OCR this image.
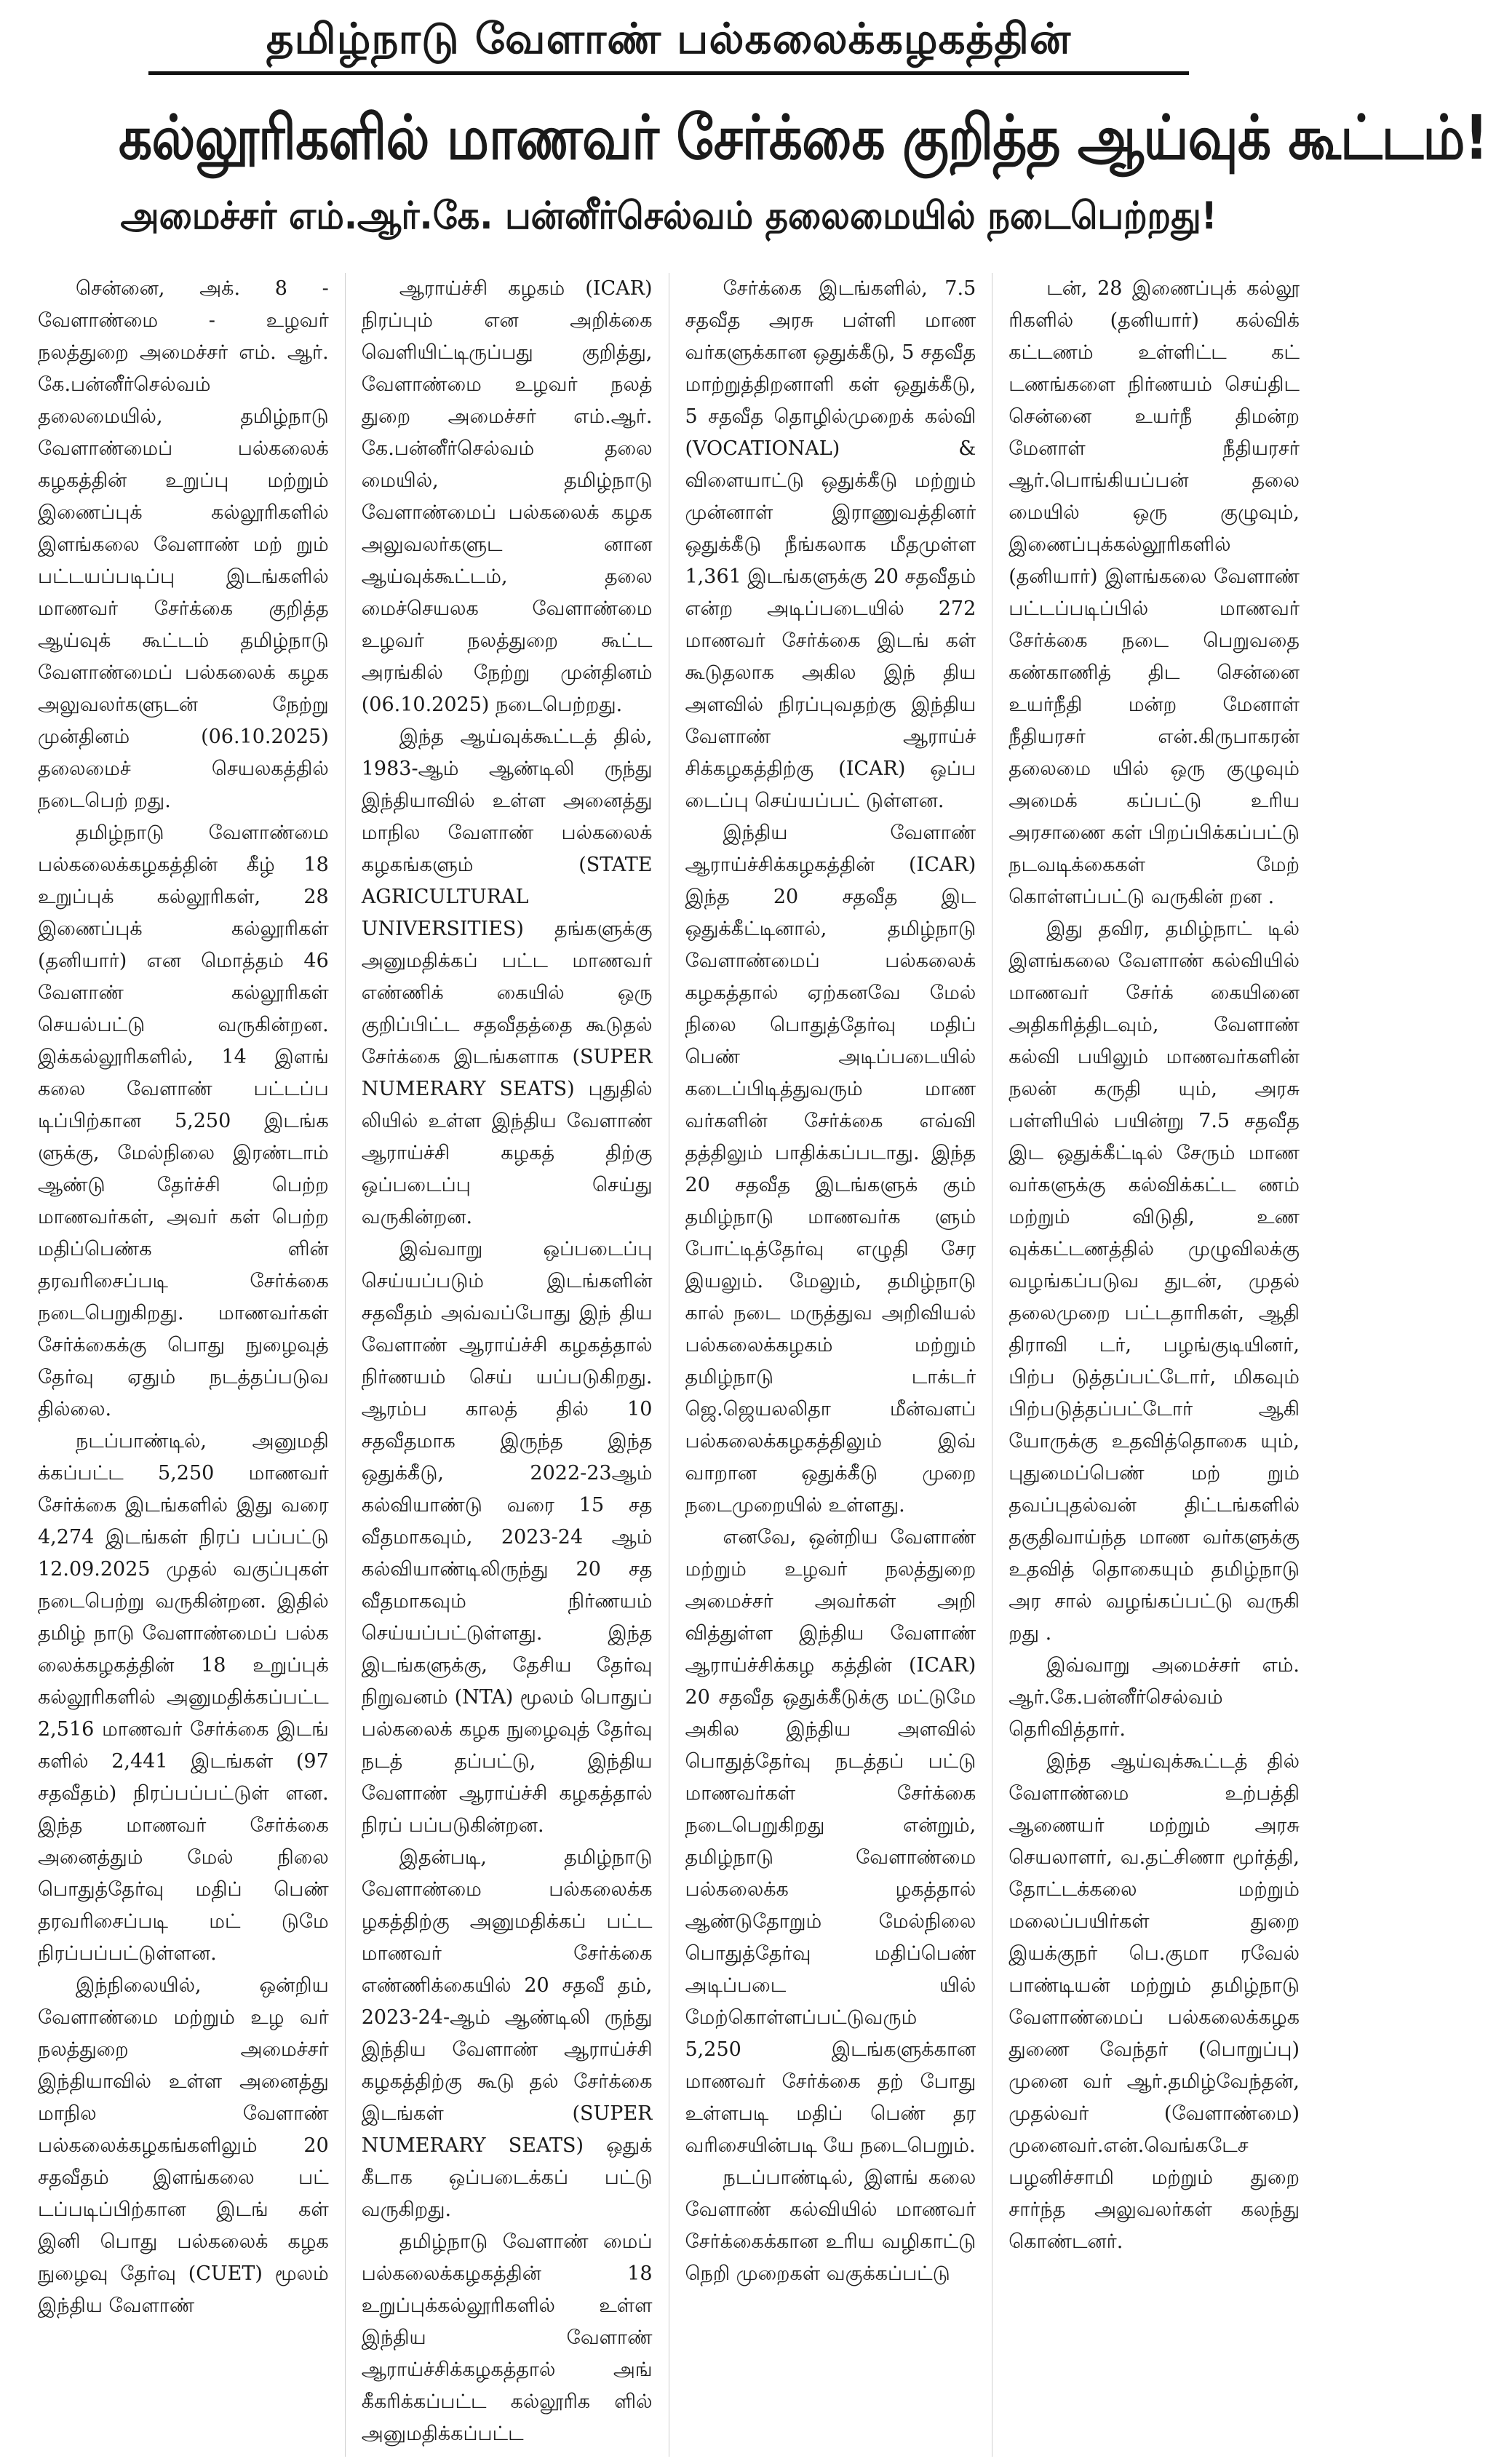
தமிழ்நாடு வேளாண் பல்கலைக்கழகத்தின்
கல்லூரிகளில் மாணவர் சேர்க்கை குறித்த ஆய்வுக் கூட்டம்!
அமைச்சர் எம்.ஆர்.கே. பன்னீர்செல்வம் தலைமையில் நடைபெற்றது!

சென்னை, அக். 8 - வேளாண்மை - உழவர் நலத்துறை அமைச்சர் எம். ஆர். கே.பன்னீர்செல்வம் தலைமையில், தமிழ்நாடு வேளாண்மைப் பல்கலைக் கழகத்தின் உறுப்பு மற்றும் இணைப்புக் கல்லூரிகளில் இளங்கலை வேளாண் மற் றும் பட்டயப்படிப்பு இடங்களில் மாணவர் சேர்க்கை குறித்த ஆய்வுக் கூட்டம் தமிழ்நாடு வேளாண்மைப் பல்கலைக் கழக அலுவலர்களுடன் நேற்று முன்தினம் (06.10.2025) தலைமைச் செயலகத்தில் நடைபெற் றது.

தமிழ்நாடு வேளாண்மை பல்கலைக்கழகத்தின் கீழ் 18 உறுப்புக் கல்லூரிகள், 28 இணைப்புக் கல்லூரிகள் (தனியார்) என மொத்தம் 46 வேளாண் கல்லூரிகள் செயல்பட்டு வருகின்றன. இக்கல்லூரிகளில், 14 இளங் கலை வேளாண் பட்டப்ப டிப்பிற்கான 5,250 இடங்க ளுக்கு, மேல்நிலை இரண்டாம் ஆண்டு தேர்ச்சி பெற்ற மாணவர்கள், அவர் கள் பெற்ற மதிப்பெண்க ளின் தரவரிசைப்படி சேர்க்கை நடைபெறுகிறது. மாணவர்கள் சேர்க்கைக்கு பொது நுழைவுத் தேர்வு ஏதும் நடத்தப்படுவ தில்லை.

நடப்பாண்டில், அனுமதி க்கப்பட்ட 5,250 மாணவர் சேர்க்கை இடங்களில் இது வரை 4,274 இடங்கள் நிரப் பப்பட்டு 12.09.2025 முதல் வகுப்புகள் நடைபெற்று வருகின்றன. இதில் தமிழ் நாடு வேளாண்மைப் பல்க லைக்கழகத்தின் 18 உறுப்புக் கல்லூரிகளில் அனுமதிக்கப்பட்ட 2,516 மாணவர் சேர்க்கை இடங் களில் 2,441 இடங்கள் (97 சதவீதம்) நிரப்பப்பட்டுள் ளன. இந்த மாணவர் சேர்க்கை அனைத்தும் மேல் நிலை பொதுத்தேர்வு மதிப் பெண் தரவரிசைப்படி மட் டுமே நிரப்பப்பட்டுள்ளன.

இந்நிலையில், ஒன்றிய வேளாண்மை மற்றும் உழ வர் நலத்துறை அமைச்சர் இந்தியாவில் உள்ள அனைத்து மாநில வேளாண் பல்கலைக்கழகங்களிலும் 20 சதவீதம் இளங்கலை பட் டப்படிப்பிற்கான இடங் கள் இனி பொது பல்கலைக் கழக நுழைவு தேர்வு (CUET) மூலம் இந்திய வேளாண்

ஆராய்ச்சி கழகம் (ICAR) நிரப்பும் என அறிக்கை வெளியிட்டிருப்பது குறித்து, வேளாண்மை உழவர் நலத் துறை அமைச்சர் எம்.ஆர். கே.பன்னீர்செல்வம் தலை மையில், தமிழ்நாடு வேளாண்மைப் பல்கலைக் கழக அலுவலர்களுட னான ஆய்வுக்கூட்டம், தலை மைச்செயலக வேளாண்மை உழவர் நலத்துறை கூட்ட அரங்கில் நேற்று முன்தினம் (06.10.2025) நடைபெற்றது.

இந்த ஆய்வுக்கூட்டத் தில், 1983-ஆம் ஆண்டிலி ருந்து இந்தியாவில் உள்ள அனைத்து மாநில வேளாண் பல்கலைக் கழகங்களும் (STATE AGRICULTURAL UNIVERSITIES) தங்களுக்கு அனுமதிக்கப் பட்ட மாணவர் எண்ணிக் கையில் ஒரு குறிப்பிட்ட சதவீதத்தை கூடுதல் சேர்க்கை இடங்களாக (SUPER NUMERARY SEATS) புதுதில் லியில் உள்ள இந்திய வேளாண் ஆராய்ச்சி கழகத் திற்கு ஒப்படைப்பு செய்து வருகின்றன.

இவ்வாறு ஒப்படைப்பு செய்யப்படும் இடங்களின் சதவீதம் அவ்வப்போது இந் திய வேளாண் ஆராய்ச்சி கழகத்தால் நிர்ணயம் செய் யப்படுகிறது. ஆரம்ப காலத் தில் 10 சதவீதமாக இருந்த இந்த ஒதுக்கீடு, 2022-23ஆம் கல்வியாண்டு வரை 15 சத வீதமாகவும், 2023-24 ஆம் கல்வியாண்டிலிருந்து 20 சத வீதமாகவும் நிர்ணயம் செய்யப்பட்டுள்ளது. இந்த இடங்களுக்கு, தேசிய தேர்வு நிறுவனம் (NTA) மூலம் பொதுப் பல்கலைக் கழக நுழைவுத் தேர்வு நடத் தப்பட்டு, இந்திய வேளாண் ஆராய்ச்சி கழகத்தால் நிரப் பப்படுகின்றன.

இதன்படி, தமிழ்நாடு வேளாண்மை பல்கலைக்க ழகத்திற்கு அனுமதிக்கப் பட்ட மாணவர் சேர்க்கை எண்ணிக்கையில் 20 சதவீ தம், 2023-24-ஆம் ஆண்டிலி ருந்து இந்திய வேளாண் ஆராய்ச்சி கழகத்திற்கு கூடு தல் சேர்க்கை இடங்கள் (SUPER NUMERARY SEATS) ஒதுக் கீடாக ஒப்படைக்கப் பட்டு வருகிறது.

தமிழ்நாடு வேளாண் மைப் பல்கலைக்கழகத்தின் 18 உறுப்புக்கல்லூரிகளில் உள்ள இந்திய வேளாண் ஆராய்ச்சிக்கழகத்தால் அங் கீகரிக்கப்பட்ட கல்லூரிக ளில் அனுமதிக்கப்பட்ட

சேர்க்கை இடங்களில், 7.5 சதவீத அரசு பள்ளி மாண வர்களுக்கான ஒதுக்கீடு, 5 சதவீத மாற்றுத்திறனாளி கள் ஒதுக்கீடு, 5 சதவீத தொழில்முறைக் கல்வி (VOCATIONAL) & விளையாட்டு ஒதுக்கீடு மற்றும் முன்னாள் இராணுவத்தினர் ஒதுக்கீடு நீங்கலாக மீதமுள்ள 1,361 இடங்களுக்கு 20 சதவீதம் என்ற அடிப்படையில் 272 மாணவர் சேர்க்கை இடங் கள் கூடுதலாக அகில இந் திய அளவில் நிரப்புவதற்கு இந்திய வேளாண் ஆராய்ச் சிக்கழகத்திற்கு (ICAR) ஒப்ப டைப்பு செய்யப்பட் டுள்ளன.

இந்திய வேளாண் ஆராய்ச்சிக்கழகத்தின் (ICAR) இந்த 20 சதவீத இட ஒதுக்கீட்டினால், தமிழ்நாடு வேளாண்மைப் பல்கலைக் கழகத்தால் ஏற்கனவே மேல் நிலை பொதுத்தேர்வு மதிப் பெண் அடிப்படையில் கடைப்பிடித்துவரும் மாண வர்களின் சேர்க்கை எவ்வி தத்திலும் பாதிக்கப்படாது. இந்த 20 சதவீத இடங்களுக் கும் தமிழ்நாடு மாணவர்க ளும் போட்டித்தேர்வு எழுதி சேர இயலும். மேலும், தமிழ்நாடு கால் நடை மருத்துவ அறிவியல் பல்கலைக்கழகம் மற்றும் தமிழ்நாடு டாக்டர் ஜெ.ஜெயலலிதா மீன்வளப் பல்கலைக்கழகத்திலும் இவ் வாறான ஒதுக்கீடு முறை நடைமுறையில் உள்ளது.

எனவே, ஒன்றிய வேளாண் மற்றும் உழவர் நலத்துறை அமைச்சர் அவர்கள் அறி வித்துள்ள இந்திய வேளாண் ஆராய்ச்சிக்கழ கத்தின் (ICAR) 20 சதவீத ஒதுக்கீடுக்கு மட்டுமே அகில இந்திய அளவில் பொதுத்தேர்வு நடத்தப் பட்டு மாணவர்கள் சேர்க்கை நடைபெறுகிறது என்றும், தமிழ்நாடு வேளாண்மை பல்கலைக்க ழகத்தால் ஆண்டுதோறும் மேல்நிலை பொதுத்தேர்வு மதிப்பெண் அடிப்படை யில் மேற்கொள்ளப்பட்டுவரும் 5,250 இடங்களுக்கான மாணவர் சேர்க்கை தற் போது உள்ளபடி மதிப் பெண் தர வரிசையின்படி யே நடைபெறும்.

நடப்பாண்டில், இளங் கலை வேளாண் கல்வியில் மாணவர் சேர்க்கைக்கான உரிய வழிகாட்டு நெறி முறைகள் வகுக்கப்பட்டு

டன், 28 இணைப்புக் கல்லூ ரிகளில் (தனியார்) கல்விக் கட்டணம் உள்ளிட்ட கட் டணங்களை நிர்ணயம் செய்திட சென்னை உயர்நீ திமன்ற மேனாள் நீதியரசர் ஆர்.பொங்கியப்பன் தலை மையில் ஒரு குழுவும், இணைப்புக்கல்லூரிகளில் (தனியார்) இளங்கலை வேளாண் பட்டப்படிப்பில் மாணவர் சேர்க்கை நடை பெறுவதை கண்காணித் திட சென்னை உயர்நீதி மன்ற மேனாள் நீதியரசர் என்.கிருபாகரன் தலைமை யில் ஒரு குழுவும் அமைக் கப்பட்டு உரிய அரசாணை கள் பிறப்பிக்கப்பட்டு நடவடிக்கைகள் மேற் கொள்ளப்பட்டு வருகின் றன .

இது தவிர, தமிழ்நாட் டில் இளங்கலை வேளாண் கல்வியில் மாணவர் சேர்க் கையினை அதிகரித்திடவும், வேளாண் கல்வி பயிலும் மாணவர்களின் நலன் கருதி யும், அரசு பள்ளியில் பயின்று 7.5 சதவீத இட ஒதுக்கீட்டில் சேரும் மாண வர்களுக்கு கல்விக்கட்ட ணம் மற்றும் விடுதி, உண வுக்கட்டணத்தில் முழுவிலக்கு வழங்கப்படுவ துடன், முதல் தலைமுறை பட்டதாரிகள், ஆதி திராவி டர், பழங்குடியினர், பிற்ப டுத்தப்பட்டோர், மிகவும் பிற்படுத்தப்பட்டோர் ஆகி யோருக்கு உதவித்தொகை யும், புதுமைப்பெண் மற் றும் தவப்புதல்வன் திட்டங்களில் தகுதிவாய்ந்த மாண வர்களுக்கு உதவித் தொகையும் தமிழ்நாடு அர சால் வழங்கப்பட்டு வருகி றது .

இவ்வாறு அமைச்சர் எம். ஆர்.கே.பன்னீர்செல்வம் தெரிவித்தார்.

இந்த ஆய்வுக்கூட்டத் தில் வேளாண்மை உற்பத்தி ஆணையர் மற்றும் அரசு செயலாளர், வ.தட்சிணா மூர்த்தி, தோட்டக்கலை மற்றும் மலைப்பயிர்கள் துறை இயக்குநர் பெ.குமா ரவேல் பாண்டியன் மற்றும் தமிழ்நாடு வேளாண்மைப் பல்கலைக்கழக துணை வேந்தர் (பொறுப்பு) முனை வர் ஆர்.தமிழ்வேந்தன், முதல்வர் (வேளாண்மை) முனைவர்.என்.வெங்கடேச பழனிச்சாமி மற்றும் துறை சார்ந்த அலுவலர்கள் கலந்து கொண்டனர்.
